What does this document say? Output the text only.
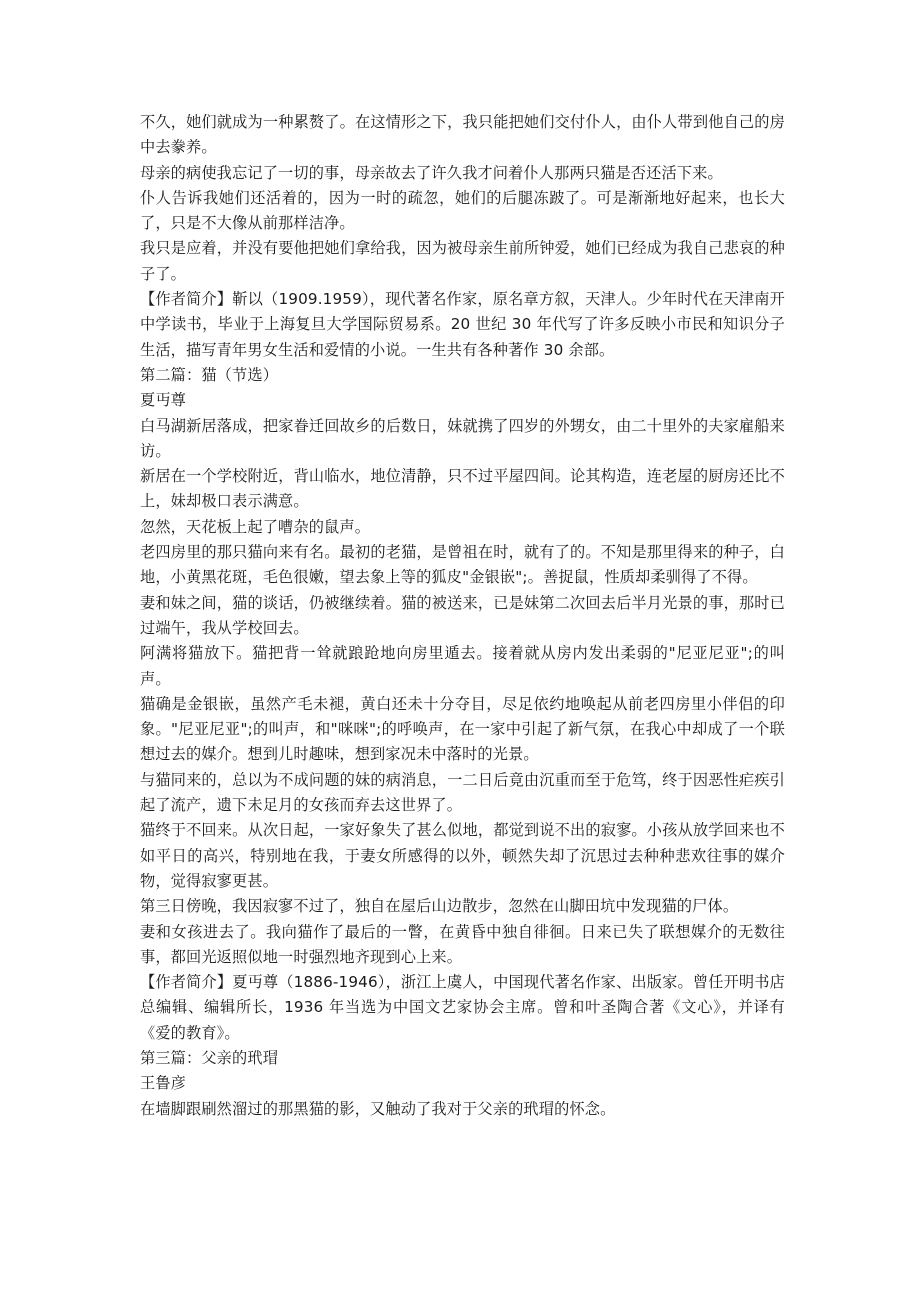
不久，她们就成为一种累赘了。在这情形之下，我只能把她们交付仆人，由仆人带到他自己的房中去豢养。

母亲的病使我忘记了一切的事，母亲故去了许久我才问着仆人那两只猫是否还活下来。

仆人告诉我她们还活着的，因为一时的疏忽，她们的后腿冻跛了。可是渐渐地好起来，也长大了，只是不大像从前那样洁净。

我只是应着，并没有要他把她们拿给我，因为被母亲生前所钟爱，她们已经成为我自己悲哀的种子了。

【作者简介】靳以（1909.1959），现代著名作家，原名章方叙，天津人。少年时代在天津南开中学读书，毕业于上海复旦大学国际贸易系。20 世纪 30 年代写了许多反映小市民和知识分子生活，描写青年男女生活和爱情的小说。一生共有各种著作 30 余部。

第二篇：猫（节选）

夏丏尊

白马湖新居落成，把家眷迁回故乡的后数日，妹就携了四岁的外甥女，由二十里外的夫家雇船来访。

新居在一个学校附近，背山临水，地位清静，只不过平屋四间。论其构造，连老屋的厨房还比不上，妹却极口表示满意。

忽然，天花板上起了嘈杂的鼠声。

老四房里的那只猫向来有名。最初的老猫，是曾祖在时，就有了的。不知是那里得来的种子，白地，小黄黑花斑，毛色很嫩，望去象上等的狐皮"金银嵌";。善捉鼠，性质却柔驯得了不得。

妻和妹之间，猫的谈话，仍被继续着。猫的被送来，已是妹第二次回去后半月光景的事，那时已过端午，我从学校回去。

阿满将猫放下。猫把背一耸就踉跄地向房里遁去。接着就从房内发出柔弱的"尼亚尼亚";的叫声。

猫确是金银嵌，虽然产毛未褪，黄白还未十分夺目，尽足依约地唤起从前老四房里小伴侣的印象。"尼亚尼亚";的叫声，和"咪咪";的呼唤声，在一家中引起了新气氛，在我心中却成了一个联想过去的媒介。想到儿时趣味，想到家况未中落时的光景。

与猫同来的，总以为不成问题的妹的病消息，一二日后竟由沉重而至于危笃，终于因恶性疟疾引起了流产，遗下未足月的女孩而弃去这世界了。

猫终于不回来。从次日起，一家好象失了甚么似地，都觉到说不出的寂寥。小孩从放学回来也不如平日的高兴，特别地在我，于妻女所感得的以外，顿然失却了沉思过去种种悲欢往事的媒介物，觉得寂寥更甚。

第三日傍晚，我因寂寥不过了，独自在屋后山边散步，忽然在山脚田坑中发现猫的尸体。

妻和女孩进去了。我向猫作了最后的一瞥，在黄昏中独自徘徊。日来已失了联想媒介的无数往事，都回光返照似地一时强烈地齐现到心上来。

【作者简介】夏丏尊（1886-1946），浙江上虞人，中国现代著名作家、出版家。曾任开明书店总编辑、编辑所长，1936 年当选为中国文艺家协会主席。曾和叶圣陶合著《文心》，并译有《爱的教育》。

第三篇：父亲的玳瑁

王鲁彦

在墙脚跟刷然溜过的那黑猫的影，又触动了我对于父亲的玳瑁的怀念。
